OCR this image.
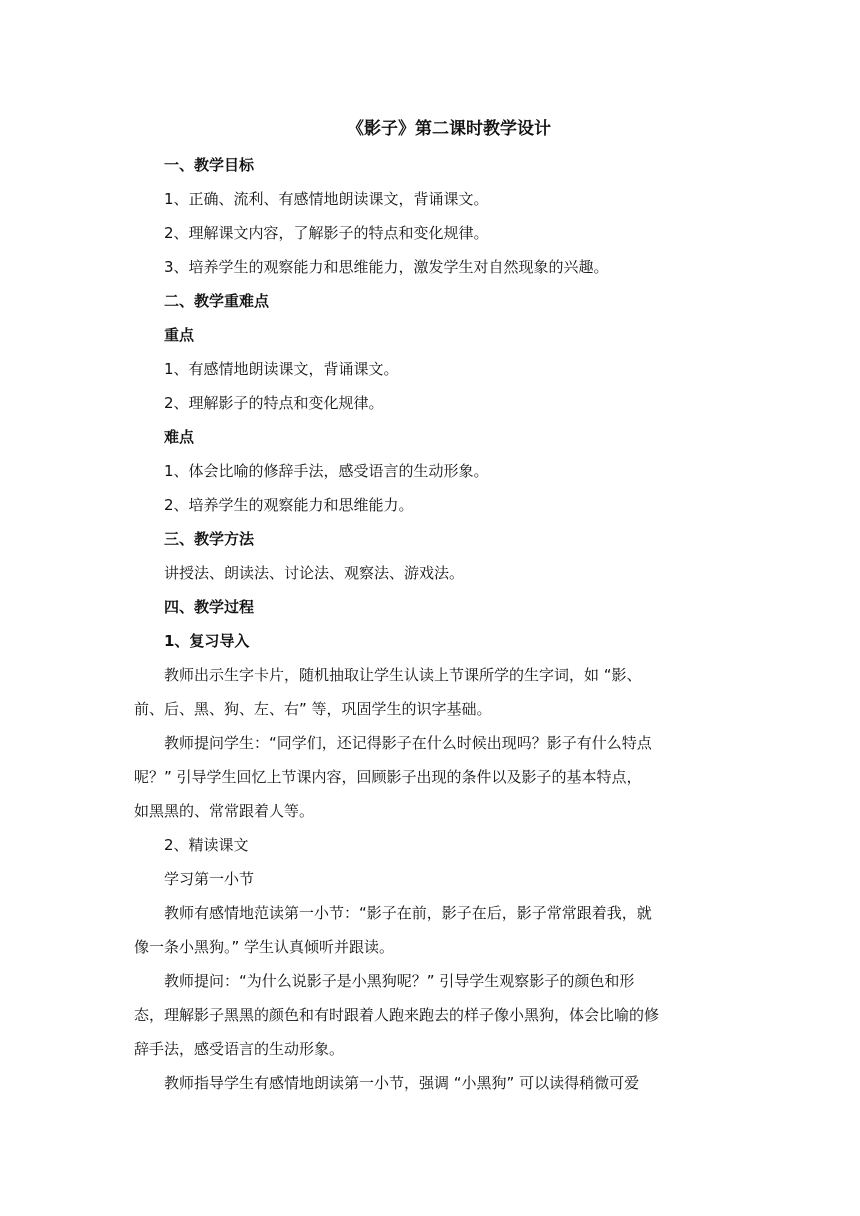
《影子》第二课时教学设计
一、教学目标
1、正确、流利、有感情地朗读课文，背诵课文。
2、理解课文内容，了解影子的特点和变化规律。
3、培养学生的观察能力和思维能力，激发学生对自然现象的兴趣。
二、教学重难点
重点
1、有感情地朗读课文，背诵课文。
2、理解影子的特点和变化规律。
难点
1、体会比喻的修辞手法，感受语言的生动形象。
2、培养学生的观察能力和思维能力。
三、教学方法
讲授法、朗读法、讨论法、观察法、游戏法。
四、教学过程
1、复习导入
教师出示生字卡片，随机抽取让学生认读上节课所学的生字词，如 “影、
前、后、黑、狗、左、右” 等，巩固学生的识字基础。
教师提问学生：“同学们，还记得影子在什么时候出现吗？影子有什么特点
呢？” 引导学生回忆上节课内容，回顾影子出现的条件以及影子的基本特点，
如黑黑的、常常跟着人等。
2、精读课文
学习第一小节
教师有感情地范读第一小节：“影子在前，影子在后，影子常常跟着我，就
像一条小黑狗。” 学生认真倾听并跟读。
教师提问：“为什么说影子是小黑狗呢？” 引导学生观察影子的颜色和形
态，理解影子黑黑的颜色和有时跟着人跑来跑去的样子像小黑狗，体会比喻的修
辞手法，感受语言的生动形象。
教师指导学生有感情地朗读第一小节，强调 “小黑狗” 可以读得稍微可爱
